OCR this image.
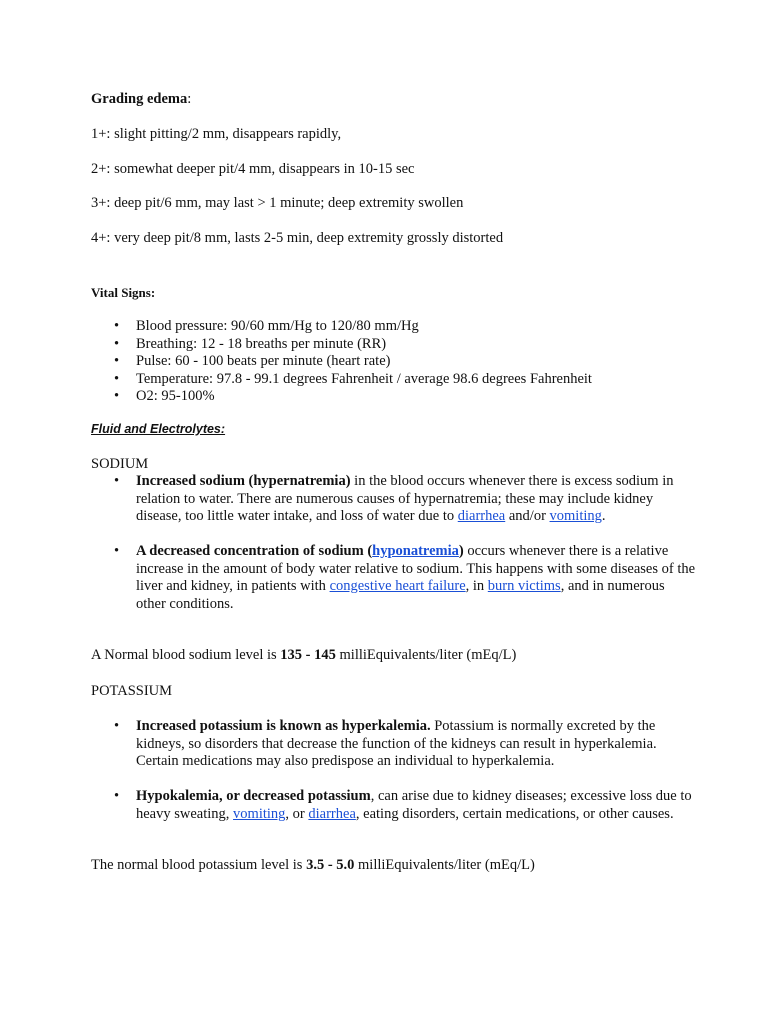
Grading edema:
1+: slight pitting/2 mm, disappears rapidly,
2+: somewhat deeper pit/4 mm, disappears in 10-15 sec
3+: deep pit/6 mm, may last > 1 minute; deep extremity swollen
4+: very deep pit/8 mm, lasts 2-5 min, deep extremity grossly distorted
Vital Signs:
• Blood pressure: 90/60 mm/Hg to 120/80 mm/Hg
• Breathing: 12 - 18 breaths per minute (RR)
• Pulse: 60 - 100 beats per minute (heart rate)
• Temperature: 97.8 - 99.1 degrees Fahrenheit / average 98.6 degrees Fahrenheit
• O2: 95-100%
Fluid and Electrolytes:
SODIUM
• Increased sodium (hypernatremia) in the blood occurs whenever there is excess sodium in relation to water. There are numerous causes of hypernatremia; these may include kidney disease, too little water intake, and loss of water due to diarrhea and/or vomiting.
• A decreased concentration of sodium (hyponatremia) occurs whenever there is a relative increase in the amount of body water relative to sodium. This happens with some diseases of the liver and kidney, in patients with congestive heart failure, in burn victims, and in numerous other conditions.
A Normal blood sodium level is 135 - 145 milliEquivalents/liter (mEq/L)
POTASSIUM
• Increased potassium is known as hyperkalemia. Potassium is normally excreted by the kidneys, so disorders that decrease the function of the kidneys can result in hyperkalemia. Certain medications may also predispose an individual to hyperkalemia.
• Hypokalemia, or decreased potassium, can arise due to kidney diseases; excessive loss due to heavy sweating, vomiting, or diarrhea, eating disorders, certain medications, or other causes.
The normal blood potassium level is 3.5 - 5.0 milliEquivalents/liter (mEq/L)
